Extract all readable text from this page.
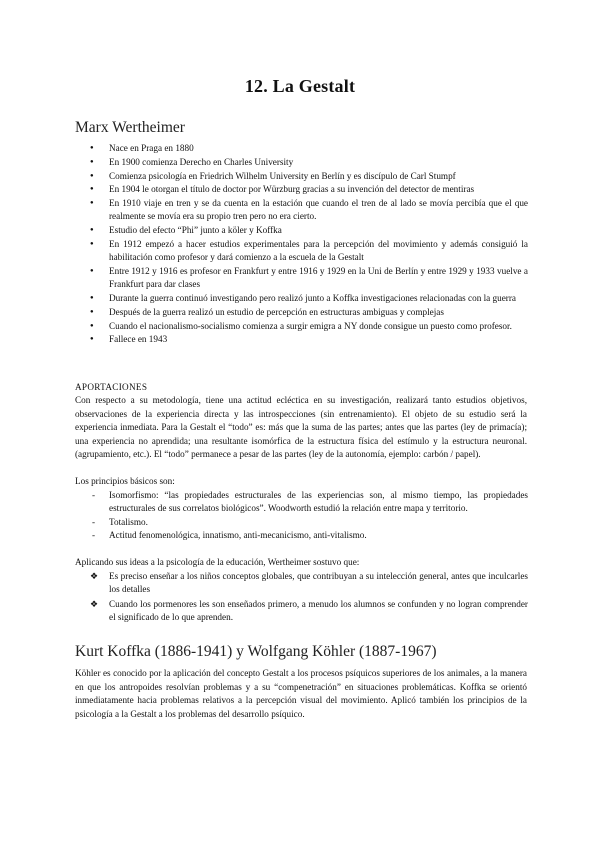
12. La Gestalt
Marx Wertheimer
● Nace en Praga en 1880
● En 1900 comienza Derecho en Charles University
● Comienza psicología en Friedrich Wilhelm University en Berlín y es discípulo de Carl Stumpf
● En 1904 le otorgan el título de doctor por Würzburg gracias a su invención del detector de mentiras
● En 1910 viaje en tren y se da cuenta en la estación que cuando el tren de al lado se movía percibía que el que realmente se movía era su propio tren pero no era cierto.
● Estudio del efecto “Phi” junto a köler y Koffka
● En 1912 empezó a hacer estudios experimentales para la percepción del movimiento y además consiguió la habilitación como profesor y dará comienzo a la escuela de la Gestalt
● Entre 1912 y 1916 es profesor en Frankfurt y entre 1916 y 1929 en la Uni de Berlín y entre 1929 y 1933 vuelve a Frankfurt para dar clases
● Durante la guerra continuó investigando pero realizó junto a Koffka investigaciones relacionadas con la guerra
● Después de la guerra realizó un estudio de percepción en estructuras ambiguas y complejas
● Cuando el nacionalismo-socialismo comienza a surgir emigra a NY donde consigue un puesto como profesor.
● Fallece en 1943
APORTACIONES
Con respecto a su metodología, tiene una actitud ecléctica en su investigación, realizará tanto estudios objetivos, observaciones de la experiencia directa y las introspecciones (sin entrenamiento). El objeto de su estudio será la experiencia inmediata. Para la Gestalt el “todo” es: más que la suma de las partes; antes que las partes (ley de primacía); una experiencia no aprendida; una resultante isomórfica de la estructura física del estímulo y la estructura neuronal. (agrupamiento, etc.). El “todo” permanece a pesar de las partes (ley de la autonomía, ejemplo: carbón / papel).
Los principios básicos son:
- Isomorfismo: “las propiedades estructurales de las experiencias son, al mismo tiempo, las propiedades estructurales de sus correlatos biológicos”. Woodworth estudió la relación entre mapa y territorio.
- Totalismo.
- Actitud fenomenológica, innatismo, anti-mecanicismo, anti-vitalismo.
Aplicando sus ideas a la psicología de la educación, Wertheimer sostuvo que:
❖ Es preciso enseñar a los niños conceptos globales, que contribuyan a su intelección general, antes que inculcarles los detalles
❖ Cuando los pormenores les son enseñados primero, a menudo los alumnos se confunden y no logran comprender el significado de lo que aprenden.
Kurt Koffka (1886-1941) y Wolfgang Köhler (1887-1967)
Köhler es conocido por la aplicación del concepto Gestalt a los procesos psíquicos superiores de los animales, a la manera en que los antropoides resolvían problemas y a su “compenetración” en situaciones problemáticas. Koffka se orientó inmediatamente hacia problemas relativos a la percepción visual del movimiento. Aplicó también los principios de la psicología a la Gestalt a los problemas del desarrollo psíquico.
